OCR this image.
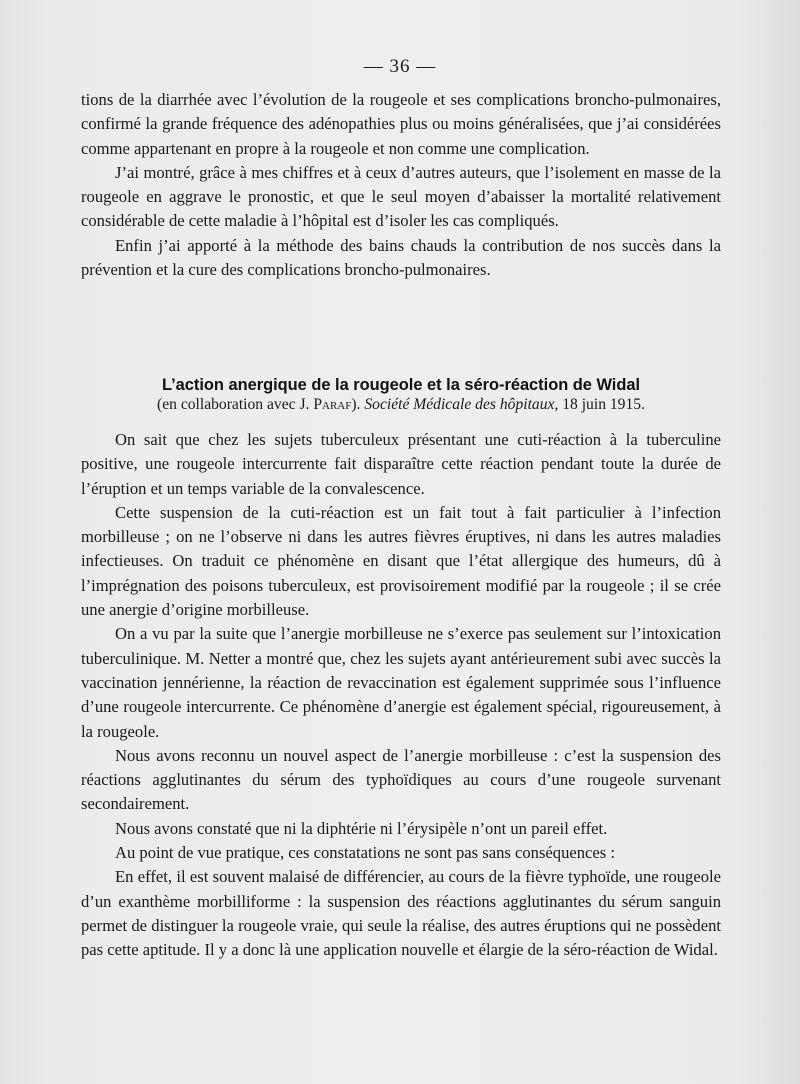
— 36 —

tions de la diarrhée avec l’évolution de la rougeole et ses complications broncho-pulmonaires, confirmé la grande fréquence des adénopathies plus ou moins généralisées, que j’ai considérées comme appartenant en propre à la rougeole et non comme une complication.

J’ai montré, grâce à mes chiffres et à ceux d’autres auteurs, que l’isolement en masse de la rougeole en aggrave le pronostic, et que le seul moyen d’abaisser la mortalité relativement considérable de cette maladie à l’hôpital est d’isoler les cas compliqués.

Enfin j’ai apporté à la méthode des bains chauds la contribution de nos succès dans la prévention et la cure des complications broncho-pulmonaires.

L’action anergique de la rougeole et la séro-réaction de Widal
(en collaboration avec J. Paraf). Société Médicale des hôpitaux, 18 juin 1915.

On sait que chez les sujets tuberculeux présentant une cuti-réaction à la tuberculine positive, une rougeole intercurrente fait disparaître cette réaction pendant toute la durée de l’éruption et un temps variable de la convalescence.

Cette suspension de la cuti-réaction est un fait tout à fait particulier à l’infection morbilleuse ; on ne l’observe ni dans les autres fièvres éruptives, ni dans les autres maladies infectieuses. On traduit ce phénomène en disant que l’état allergique des humeurs, dû à l’imprégnation des poisons tuberculeux, est provisoirement modifié par la rougeole ; il se crée une anergie d’origine morbilleuse.

On a vu par la suite que l’anergie morbilleuse ne s’exerce pas seulement sur l’intoxication tuberculinique. M. Netter a montré que, chez les sujets ayant antérieurement subi avec succès la vaccination jennérienne, la réaction de revaccination est également supprimée sous l’influence d’une rougeole intercurrente. Ce phénomène d’anergie est également spécial, rigoureusement, à la rougeole.

Nous avons reconnu un nouvel aspect de l’anergie morbilleuse : c’est la suspension des réactions agglutinantes du sérum des typhoïdiques au cours d’une rougeole survenant secondairement.

Nous avons constaté que ni la diphtérie ni l’érysipèle n’ont un pareil effet.

Au point de vue pratique, ces constatations ne sont pas sans conséquences :

En effet, il est souvent malaisé de différencier, au cours de la fièvre typhoïde, une rougeole d’un exanthème morbilliforme : la suspension des réactions agglutinantes du sérum sanguin permet de distinguer la rougeole vraie, qui seule la réalise, des autres éruptions qui ne possèdent pas cette aptitude. Il y a donc là une application nouvelle et élargie de la séro-réaction de Widal.
